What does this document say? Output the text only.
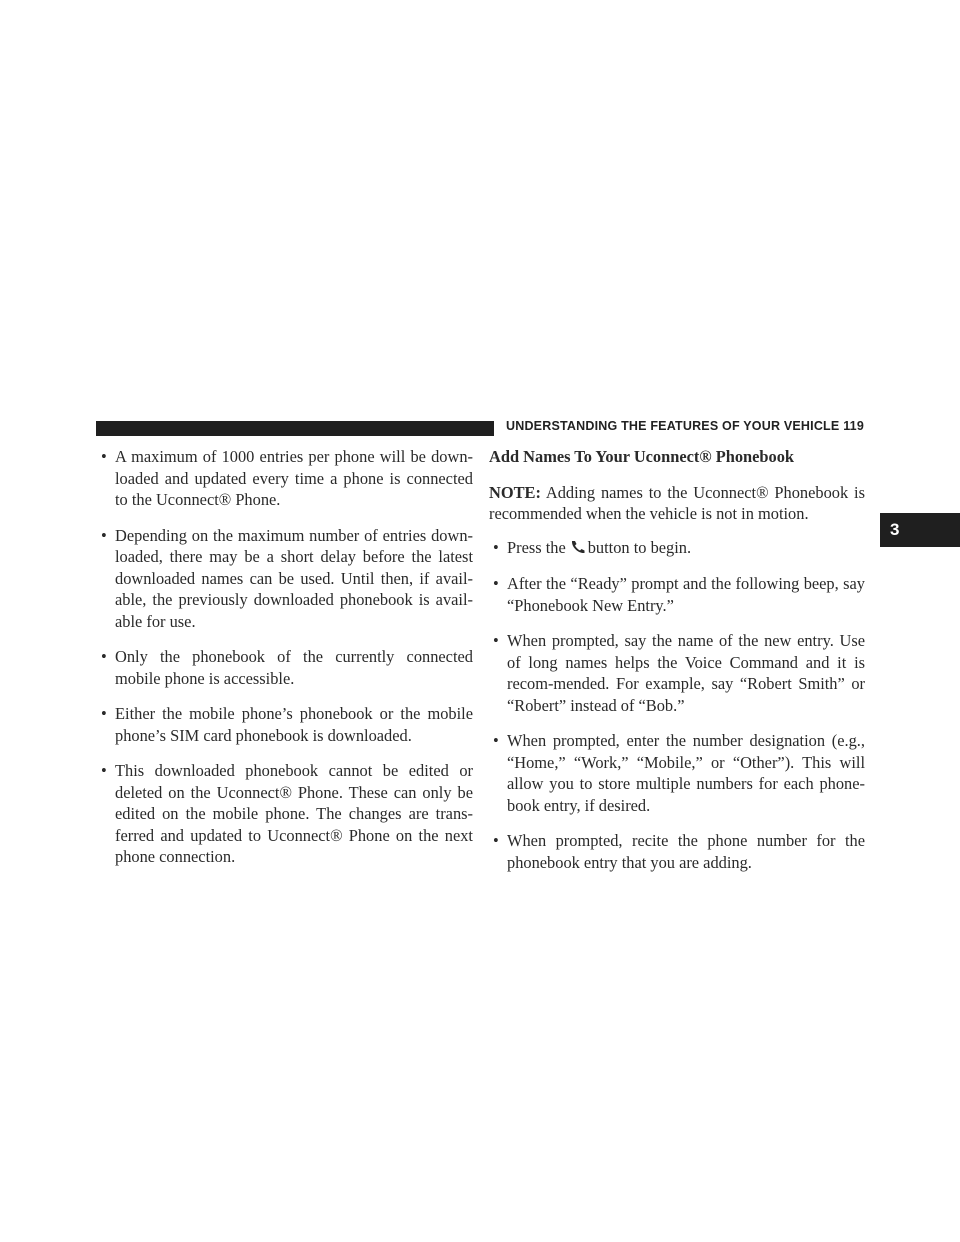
UNDERSTANDING THE FEATURES OF YOUR VEHICLE 119
3
• A maximum of 1000 entries per phone will be down-loaded and updated every time a phone is connected to the Uconnect® Phone.
• Depending on the maximum number of entries down-loaded, there may be a short delay before the latest downloaded names can be used. Until then, if avail-able, the previously downloaded phonebook is avail-able for use.
• Only the phonebook of the currently connected mobile phone is accessible.
• Either the mobile phone’s phonebook or the mobile phone’s SIM card phonebook is downloaded.
• This downloaded phonebook cannot be edited or deleted on the Uconnect® Phone. These can only be edited on the mobile phone. The changes are trans-ferred and updated to Uconnect® Phone on the next phone connection.
Add Names To Your Uconnect® Phonebook
NOTE: Adding names to the Uconnect® Phonebook is recommended when the vehicle is not in motion.
• Press the button to begin.
• After the “Ready” prompt and the following beep, say “Phonebook New Entry.”
• When prompted, say the name of the new entry. Use of long names helps the Voice Command and it is recom-mended. For example, say “Robert Smith” or “Robert” instead of “Bob.”
• When prompted, enter the number designation (e.g., “Home,” “Work,” “Mobile,” or “Other”). This will allow you to store multiple numbers for each phone-book entry, if desired.
• When prompted, recite the phone number for the phonebook entry that you are adding.
